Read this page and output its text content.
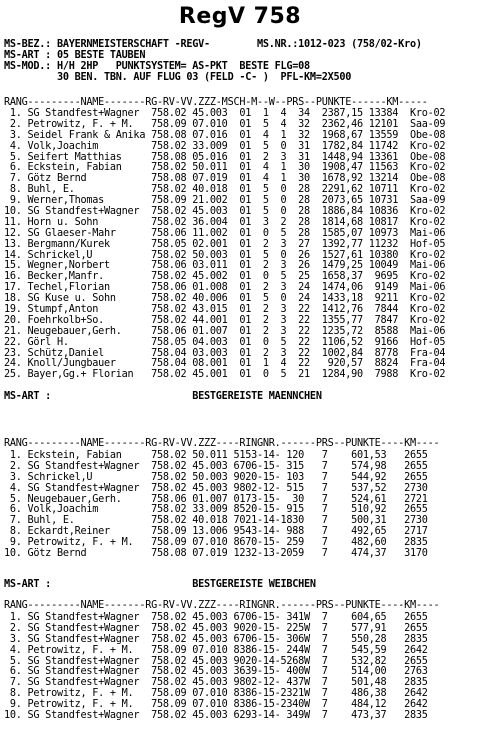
RegV 758
MS-BEZ.: BAYERNMEISTERSCHAFT -REGV-        MS.NR.:1012-023 (758/02-Kro)
MS-ART : 05 BESTE TAUBEN
MS-MOD.: H/H 2HP   PUNKTSYSTEM= AS-PKT  BESTE FLG=08
30 BEN. TBN. AUF FLUG 03 (FELD -C- )  PFL-KM=2X500
RANG---------NAME-------RG-RV-VV.ZZZ-MSCH-M--W--PRS--PUNKTE------KM-----
1. SG Standfest+Wagner  758.02 45.003  01  1  4  34  2387,15 13384  Kro-02
2. Petrowitz, F. + M.   758.09 07.010  01  5  4  32  2362,46 12101  Saa-09
3. Seidel Frank & Anika 758.08 07.016  01  4  1  32  1968,67 13559  Obe-08
4. Volk,Joachim         758.02 33.009  01  5  0  31  1782,84 11742  Kro-02
5. Seifert Matthias     758.08 05.016  01  2  3  31  1448,94 13361  Obe-08
6. Eckstein, Fabian     758.02 50.011  01  4  1  30  1908,47 11563  Kro-02
7. Götz Bernd           758.08 07.019  01  4  1  30  1678,92 13214  Obe-08
8. Buhl, E.             758.02 40.018  01  5  0  28  2291,62 10711  Kro-02
9. Werner,Thomas        758.09 21.002  01  5  0  28  2073,65 10731  Saa-09
10. SG Standfest+Wagner  758.02 45.003  01  5  0  28  1886,84 10836  Kro-02
11. Horn u. Sohn         758.02 36.004  01  3  2  28  1814,68 10817  Kro-02
12. SG Glaeser-Mahr      758.06 11.002  01  0  5  28  1585,07 10973  Mai-06
13. Bergmann/Kurek       758.05 02.001  01  2  3  27  1392,77 11232  Hof-05
14. Schrickel,U          758.02 50.003  01  5  0  26  1527,61 10380  Kro-02
15. Wegner,Norbert       758.06 03.011  01  2  3  26  1479,25 10049  Mai-06
16. Becker,Manfr.        758.02 45.002  01  0  5  25  1658,37  9695  Kro-02
17. Techel,Florian       758.06 01.008  01  2  3  24  1474,06  9149  Mai-06
18. SG Kuse u. Sohn      758.02 40.006  01  5  0  24  1433,18  9211  Kro-02
19. Stumpf,Anton         758.02 43.015  01  2  3  22  1412,76  7844  Kro-02
20. Foehrkolb+So.        758.02 44.001  01  2  3  22  1355,77  7847  Kro-02
21. Neugebauer,Gerh.     758.06 01.007  01  2  3  22  1235,72  8588  Mai-06
22. Görl H.              758.05 04.003  01  0  5  22  1106,52  9166  Hof-05
23. Schütz,Daniel        758.04 03.003  01  2  3  22  1002,84  8778  Fra-04
24. Knoll/Jungbauer      758.04 08.001  01  1  4  22   920,57  8824  Fra-04
25. Bayer,Gg.+ Florian   758.02 45.001  01  0  5  21  1284,90  7988  Kro-02
MS-ART :                        BESTGEREISTE MAENNCHEN
RANG---------NAME-------RG-RV-VV.ZZZ----RINGNR.------PRS--PUNKTE----KM----
1. Eckstein, Fabian     758.02 50.011 5153-14- 120   7    601,53   2655
2. SG Standfest+Wagner  758.02 45.003 6706-15- 315   7    574,98   2655
3. Schrickel,U          758.02 50.003 9020-15- 103   7    544,92   2655
4. SG Standfest+Wagner  758.02 45.003 9802-12- 515   7    537,52   2730
5. Neugebauer,Gerh.     758.06 01.007 0173-15-  30   7    524,61   2721
6. Volk,Joachim         758.02 33.009 8520-15- 915   7    510,92   2655
7. Buhl, E.             758.02 40.018 7021-14-1830   7    500,31   2730
8. Eckardt,Reiner       758.09 13.006 9543-14- 988   7    492,65   2717
9. Petrowitz, F. + M.   758.09 07.010 8670-15- 259   7    482,60   2835
10. Götz Bernd           758.08 07.019 1232-13-2059   7    474,37   3170
MS-ART :                        BESTGEREISTE WEIBCHEN
RANG---------NAME-------RG-RV-VV.ZZZ----RINGNR.------PRS--PUNKTE----KM----
1. SG Standfest+Wagner  758.02 45.003 6706-15- 341W  7    604,65   2655
2. SG Standfest+Wagner  758.02 45.003 9020-15- 225W  7    577,91   2655
3. SG Standfest+Wagner  758.02 45.003 6706-15- 306W  7    550,28   2835
4. Petrowitz, F. + M.   758.09 07.010 8386-15- 244W  7    545,59   2642
5. SG Standfest+Wagner  758.02 45.003 9020-14-5268W  7    532,82   2655
6. SG Standfest+Wagner  758.02 45.003 3639-15- 400W  7    514,00   2763
7. SG Standfest+Wagner  758.02 45.003 9802-12- 437W  7    501,48   2835
8. Petrowitz, F. + M.   758.09 07.010 8386-15-2321W  7    486,38   2642
9. Petrowitz, F. + M.   758.09 07.010 8386-15-2340W  7    484,12   2642
10. SG Standfest+Wagner  758.02 45.003 6293-14- 349W  7    473,37   2835
